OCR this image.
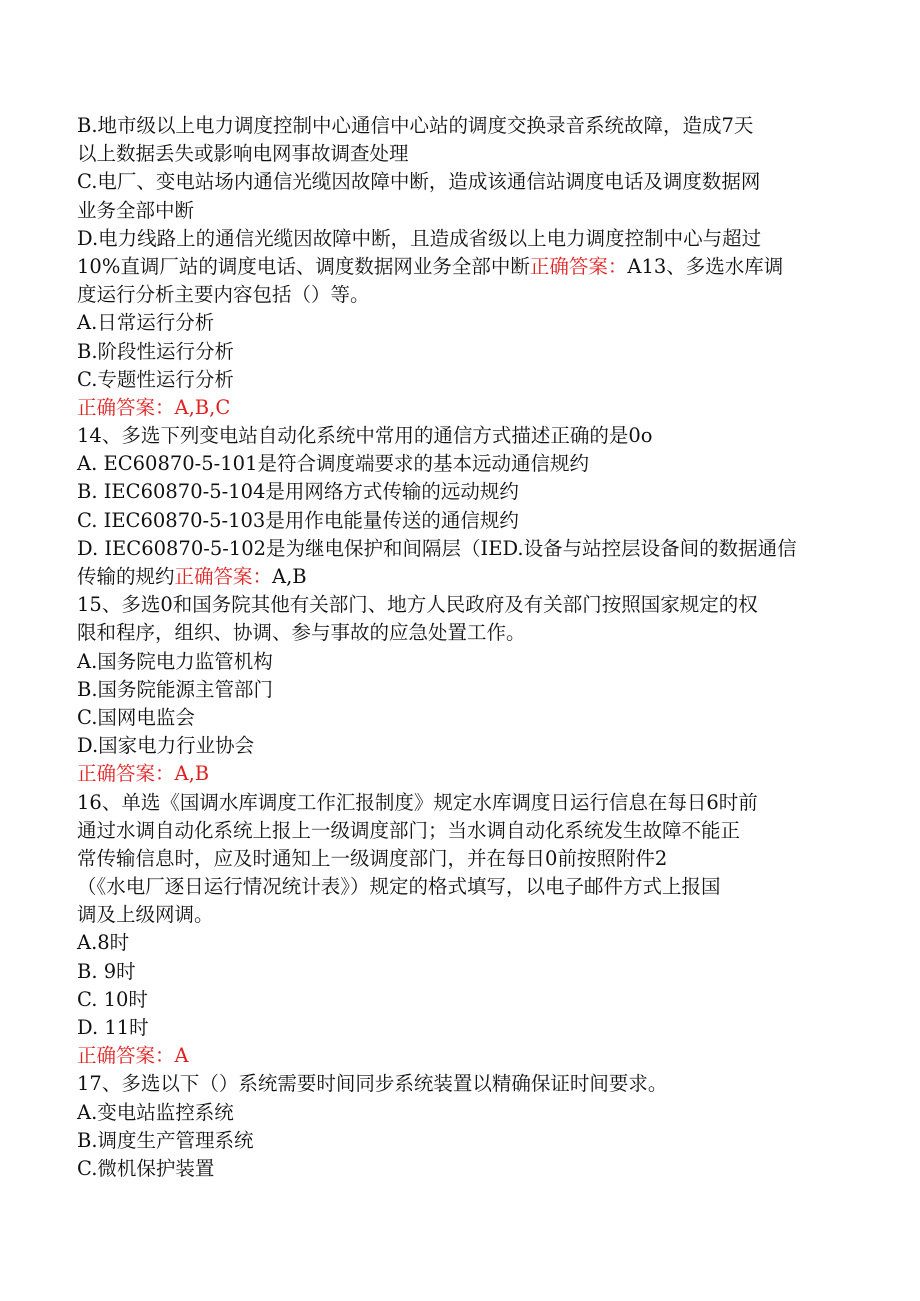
B.地市级以上电力调度控制中心通信中心站的调度交换录音系统故障，造成7天
以上数据丢失或影响电网事故调查处理
C.电厂、变电站场内通信光缆因故障中断，造成该通信站调度电话及调度数据网
业务全部中断
D.电力线路上的通信光缆因故障中断，且造成省级以上电力调度控制中心与超过
10%直调厂站的调度电话、调度数据网业务全部中断正确答案：A13、多选水库调
度运行分析主要内容包括（）等。
A.日常运行分析
B.阶段性运行分析
C.专题性运行分析
正确答案：A,B,C
14、多选下列变电站自动化系统中常用的通信方式描述正确的是0o
A. EC60870-5-101是符合调度端要求的基本远动通信规约
B. IEC60870-5-104是用网络方式传输的远动规约
C. IEC60870-5-103是用作电能量传送的通信规约
D. IEC60870-5-102是为继电保护和间隔层（IED.设备与站控层设备间的数据通信
传输的规约正确答案：A,B
15、多选0和国务院其他有关部门、地方人民政府及有关部门按照国家规定的权
限和程序，组织、协调、参与事故的应急处置工作。
A.国务院电力监管机构
B.国务院能源主管部门
C.国网电监会
D.国家电力行业协会
正确答案：A,B
16、单选《国调水库调度工作汇报制度》规定水库调度日运行信息在每日6时前
通过水调自动化系统上报上一级调度部门；当水调自动化系统发生故障不能正
常传输信息时，应及时通知上一级调度部门，并在每日0前按照附件2
（《水电厂逐日运行情况统计表》）规定的格式填写，以电子邮件方式上报国
调及上级网调。
A.8时
B. 9时
C. 10时
D. 11时
正确答案：A
17、多选以下（）系统需要时间同步系统装置以精确保证时间要求。
A.变电站监控系统
B.调度生产管理系统
C.微机保护装置
